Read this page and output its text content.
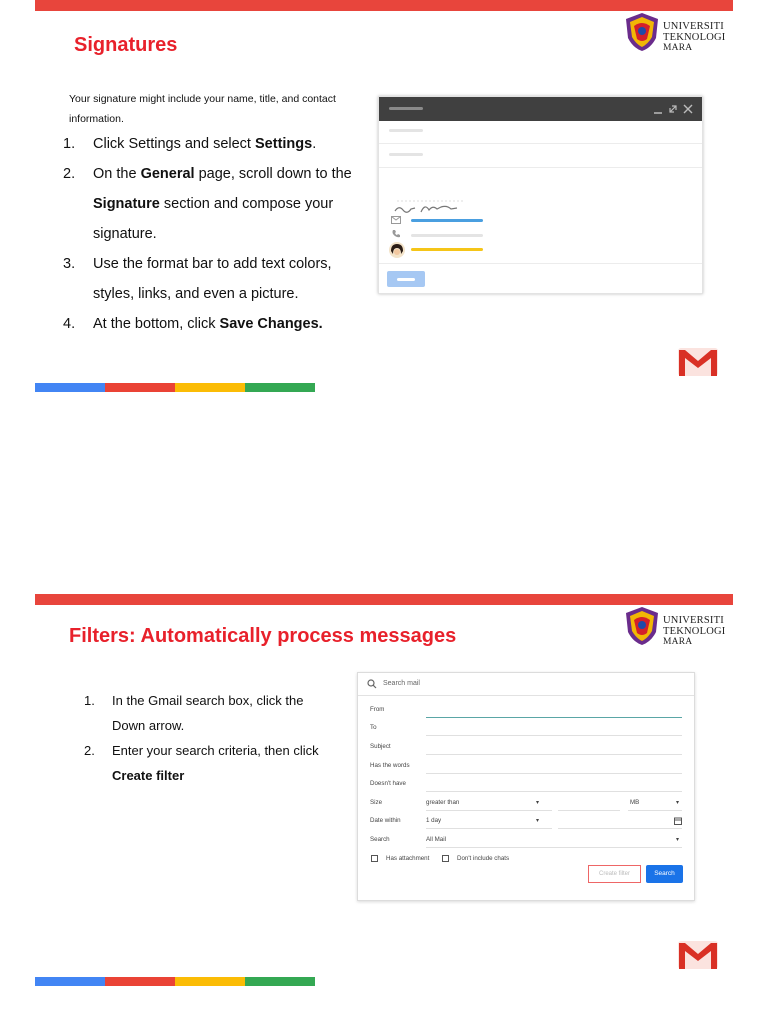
Signatures
UNIVERSITI
TEKNOLOGI
MARA

Your signature might include your name, title, and contact information.

1. Click Settings and select Settings.
2. On the General page, scroll down to the Signature section and compose your signature.
3. Use the format bar to add text colors, styles, links, and even a picture.
4. At the bottom, click Save Changes.
Filters: Automatically process messages
UNIVERSITI
TEKNOLOGI
MARA
1. In the Gmail search box, click the Down arrow.
2. Enter your search criteria, then click
Create filter
Search mail
From
To
Subject
Has the words
Doesn't have
Size	greater than	▾	MB	▾
Date within	1 day	▾
Search	All Mail	▾
Has attachment	Don't include chats
Create filter	Search
